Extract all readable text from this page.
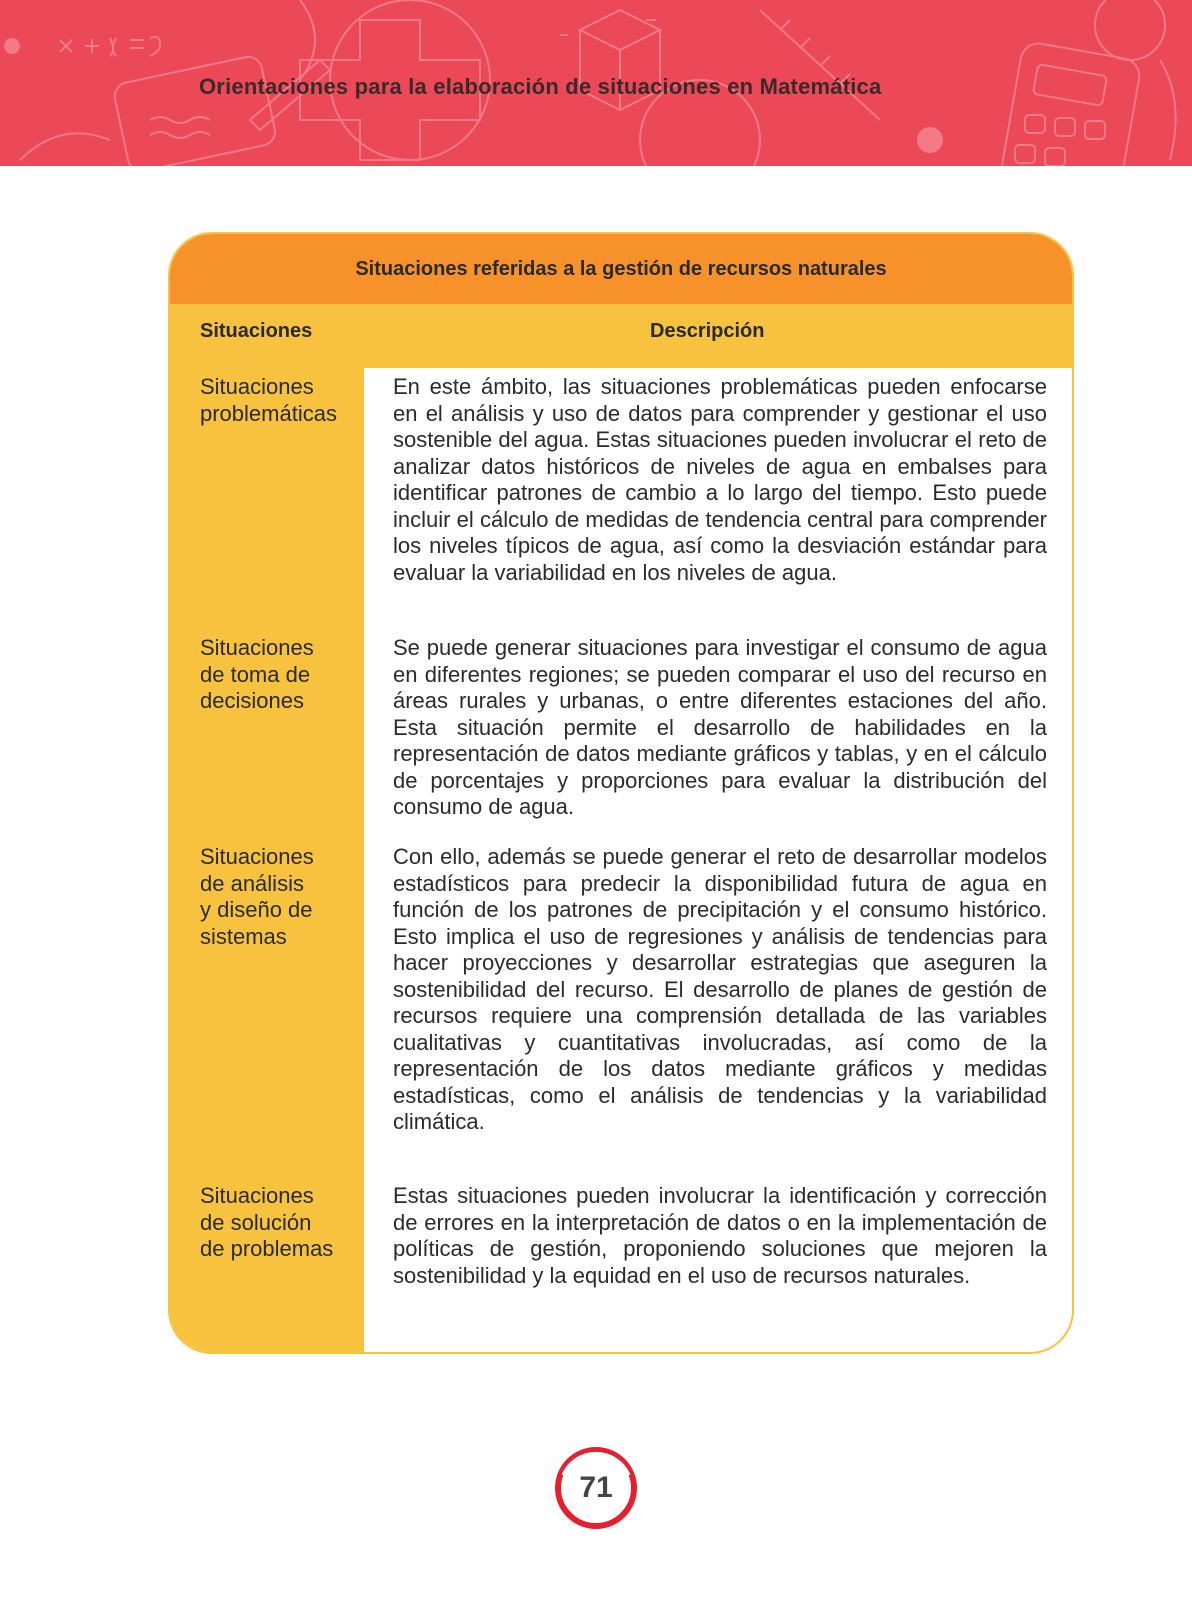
Orientaciones para la elaboración de situaciones en Matemática
Situaciones referidas a la gestión de recursos naturales
Situaciones	Descripción
Situaciones
problemáticas
En este ámbito, las situaciones problemáticas pueden enfocarse en el análisis y uso de datos para comprender y gestionar el uso sostenible del agua. Estas situaciones pueden involucrar el reto de analizar datos históricos de niveles de agua en embalses para identificar patrones de cambio a lo largo del tiempo. Esto puede incluir el cálculo de medidas de tendencia central para comprender los niveles típicos de agua, así como la desviación estándar para evaluar la variabilidad en los niveles de agua.
Situaciones
de toma de
decisiones
Se puede generar situaciones para investigar el consumo de agua en diferentes regiones; se pueden comparar el uso del recurso en áreas rurales y urbanas, o entre diferentes estaciones del año. Esta situación permite el desarrollo de habilidades en la representación de datos mediante gráficos y tablas, y en el cálculo de porcentajes y proporciones para evaluar la distribución del consumo de agua.
Situaciones
de análisis
y diseño de
sistemas
Con ello, además se puede generar el reto de desarrollar modelos estadísticos para predecir la disponibilidad futura de agua en función de los patrones de precipitación y el consumo histórico. Esto implica el uso de regresiones y análisis de tendencias para hacer proyecciones y desarrollar estrategias que aseguren la sostenibilidad del recurso. El desarrollo de planes de gestión de recursos requiere una comprensión detallada de las variables cualitativas y cuantitativas involucradas, así como de la representación de los datos mediante gráficos y medidas estadísticas, como el análisis de tendencias y la variabilidad climática.
Situaciones
de solución
de problemas
Estas situaciones pueden involucrar la identificación y corrección de errores en la interpretación de datos o en la implementación de políticas de gestión, proponiendo soluciones que mejoren la sostenibilidad y la equidad en el uso de recursos naturales.
71
